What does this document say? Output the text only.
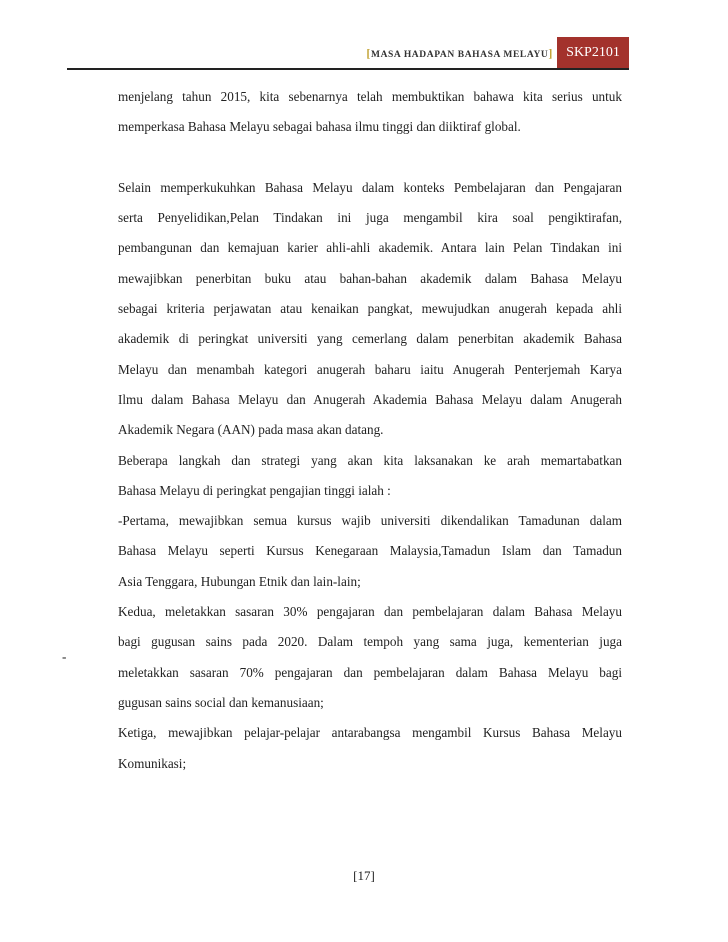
[MASA HADAPAN BAHASA MELAYU] SKP2101
menjelang tahun 2015, kita sebenarnya telah membuktikan bahawa kita serius untuk
memperkasa Bahasa Melayu sebagai bahasa ilmu tinggi dan diiktiraf global.
Selain memperkukuhkan Bahasa Melayu dalam konteks Pembelajaran dan Pengajaran
serta Penyelidikan,Pelan Tindakan ini juga mengambil kira soal pengiktirafan,
pembangunan dan kemajuan karier ahli-ahli akademik. Antara lain Pelan Tindakan ini
mewajibkan penerbitan buku atau bahan-bahan akademik dalam Bahasa Melayu
sebagai kriteria perjawatan atau kenaikan pangkat, mewujudkan anugerah kepada ahli
akademik di peringkat universiti yang cemerlang dalam penerbitan akademik Bahasa
Melayu dan menambah kategori anugerah baharu iaitu Anugerah Penterjemah Karya
Ilmu dalam Bahasa Melayu dan Anugerah Akademia Bahasa Melayu dalam Anugerah
Akademik Negara (AAN) pada masa akan datang.
Beberapa langkah dan strategi yang akan kita laksanakan ke arah memartabatkan
Bahasa Melayu di peringkat pengajian tinggi ialah :
-Pertama, mewajibkan semua kursus wajib universiti dikendalikan Tamadunan dalam
Bahasa Melayu seperti Kursus Kenegaraan Malaysia,Tamadun Islam dan Tamadun
Asia Tenggara, Hubungan Etnik dan lain-lain;
Kedua, meletakkan sasaran 30% pengajaran dan pembelajaran dalam Bahasa Melayu
bagi gugusan sains pada 2020. Dalam tempoh yang sama juga, kementerian juga
meletakkan sasaran 70% pengajaran dan pembelajaran dalam Bahasa Melayu bagi
gugusan sains social dan kemanusiaan;
Ketiga, mewajibkan pelajar-pelajar antarabangsa mengambil Kursus Bahasa Melayu
Komunikasi;
-
[17]
